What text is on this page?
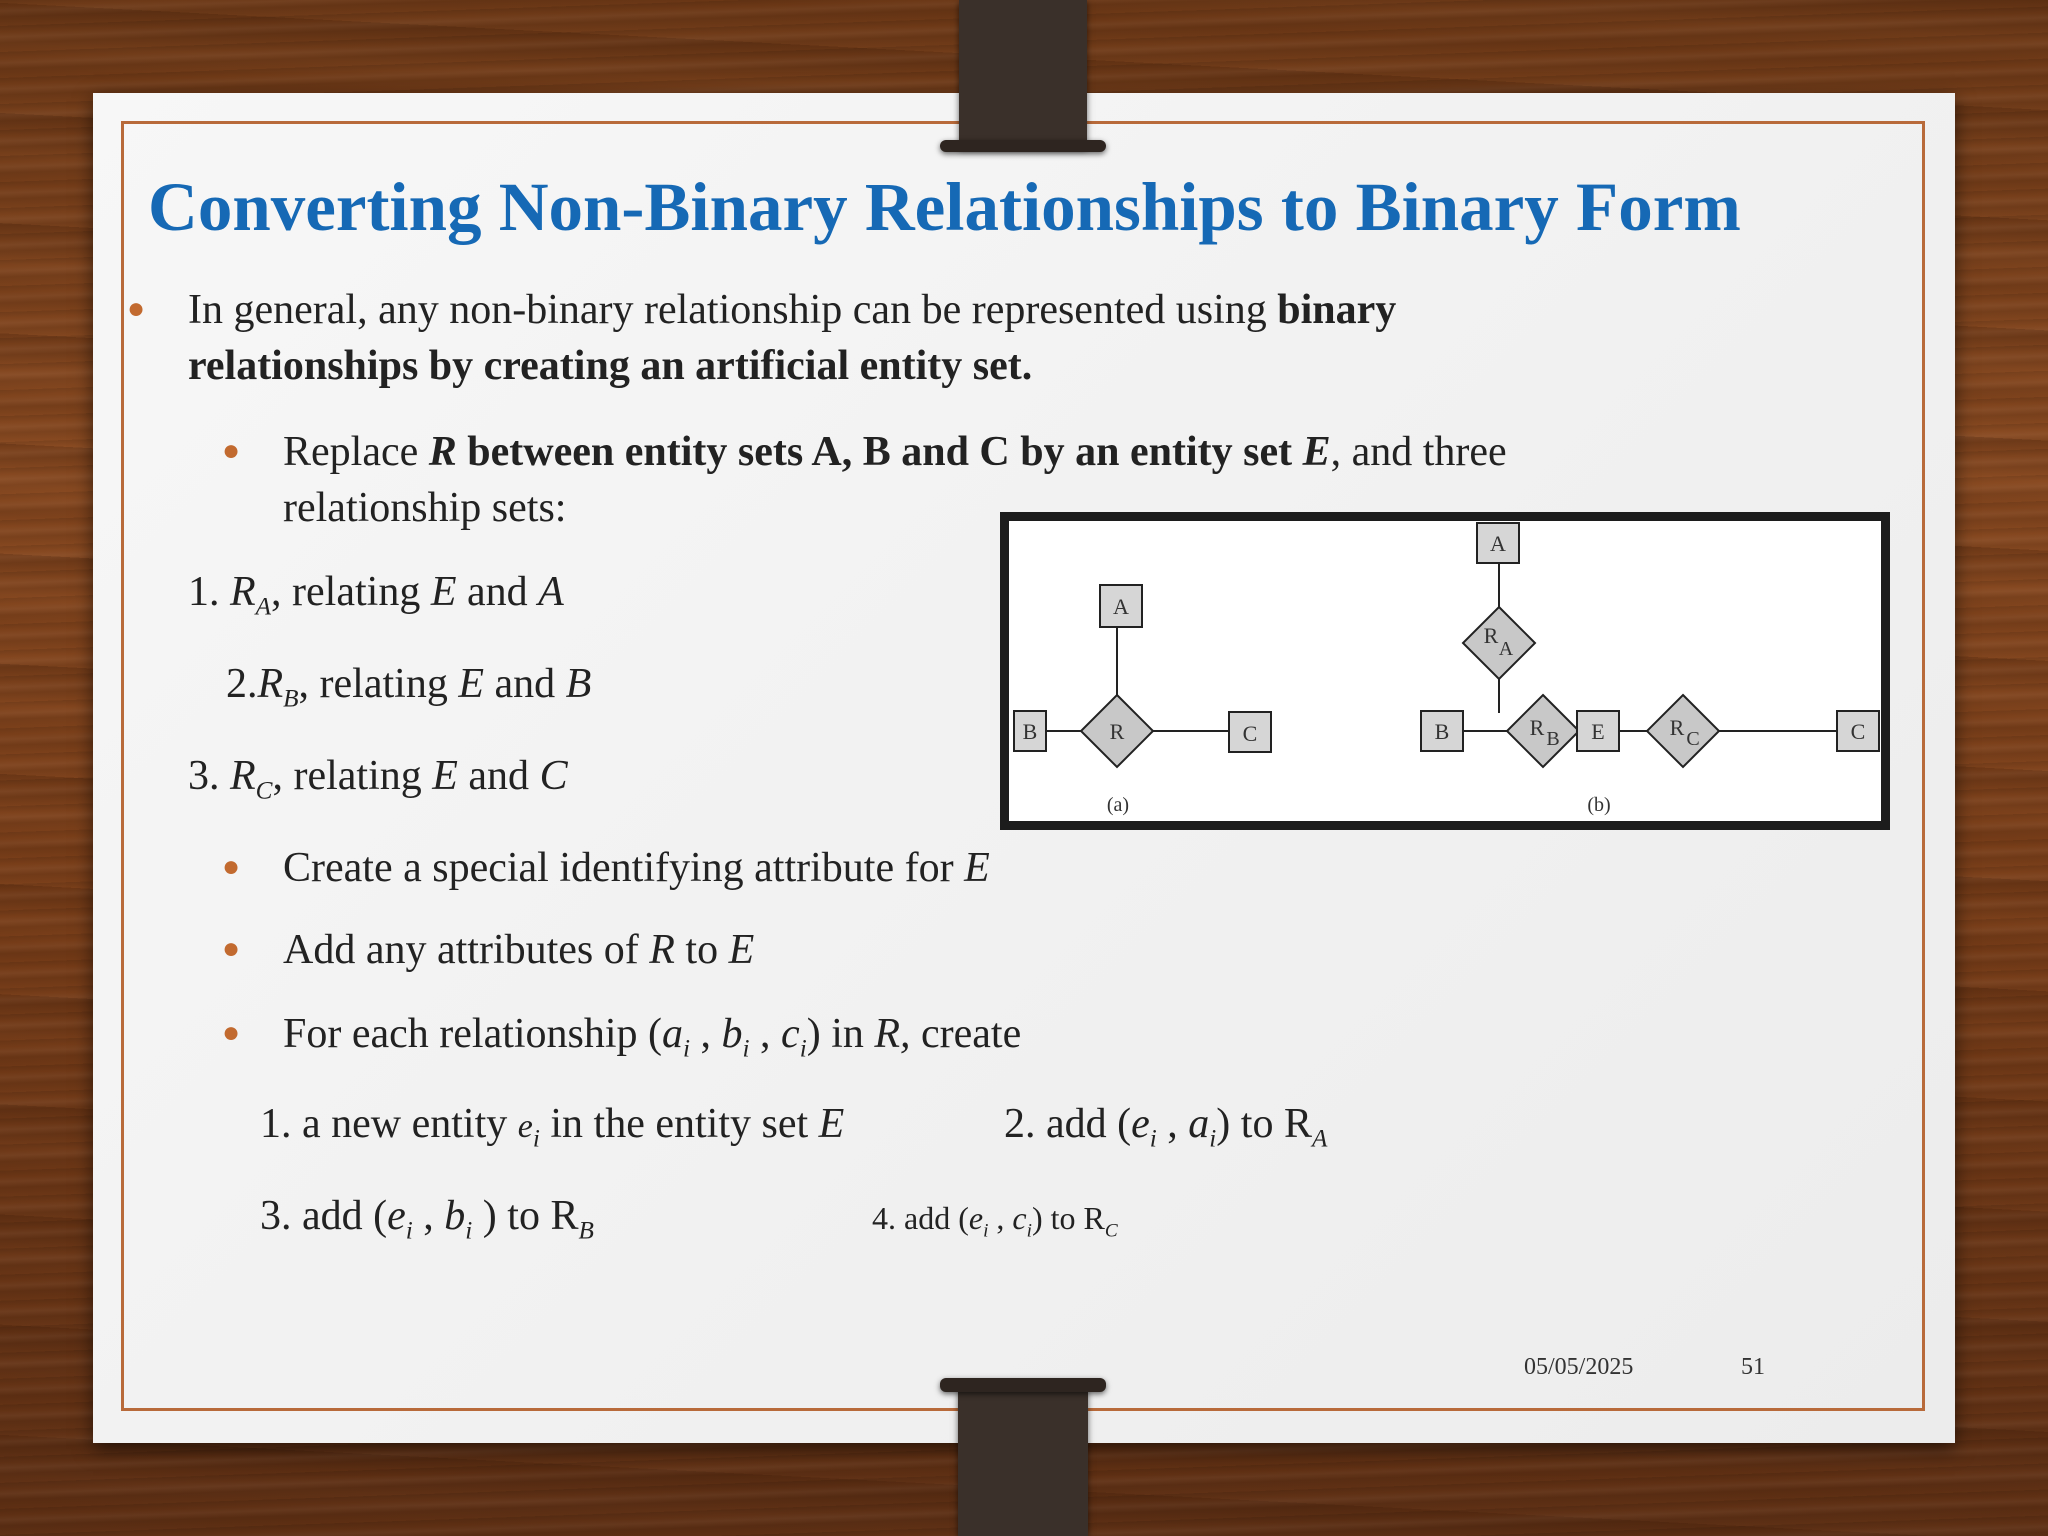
Converting Non-Binary Relationships to Binary Form
● In general, any non-binary relationship can be represented using binary
relationships by creating an artificial entity set.
● Replace R between entity sets A, B and C by an entity set E, and three
relationship sets:
1. $R_A$, relating E and A
$2.R_B$, relating E and B
3. $R_C$, relating E and C
● Create a special identifying attribute for E
● Add any attributes of R to E
● For each relationship ($a_i$ , $b_i$ , $c_i$) in R, create
1. a new entity $e_i$ in the entity set E	2. add ($e_i$ , $a_i$) to $R_A$
3. add ($e_i$ , $b_i$ ) to $R_B$	4. add ($e_i$ , $c_i$) to $R_C$
05/05/2025	51
B	R	C
A
(a)
A
R
A
B	R B E	R C	C
(b)
